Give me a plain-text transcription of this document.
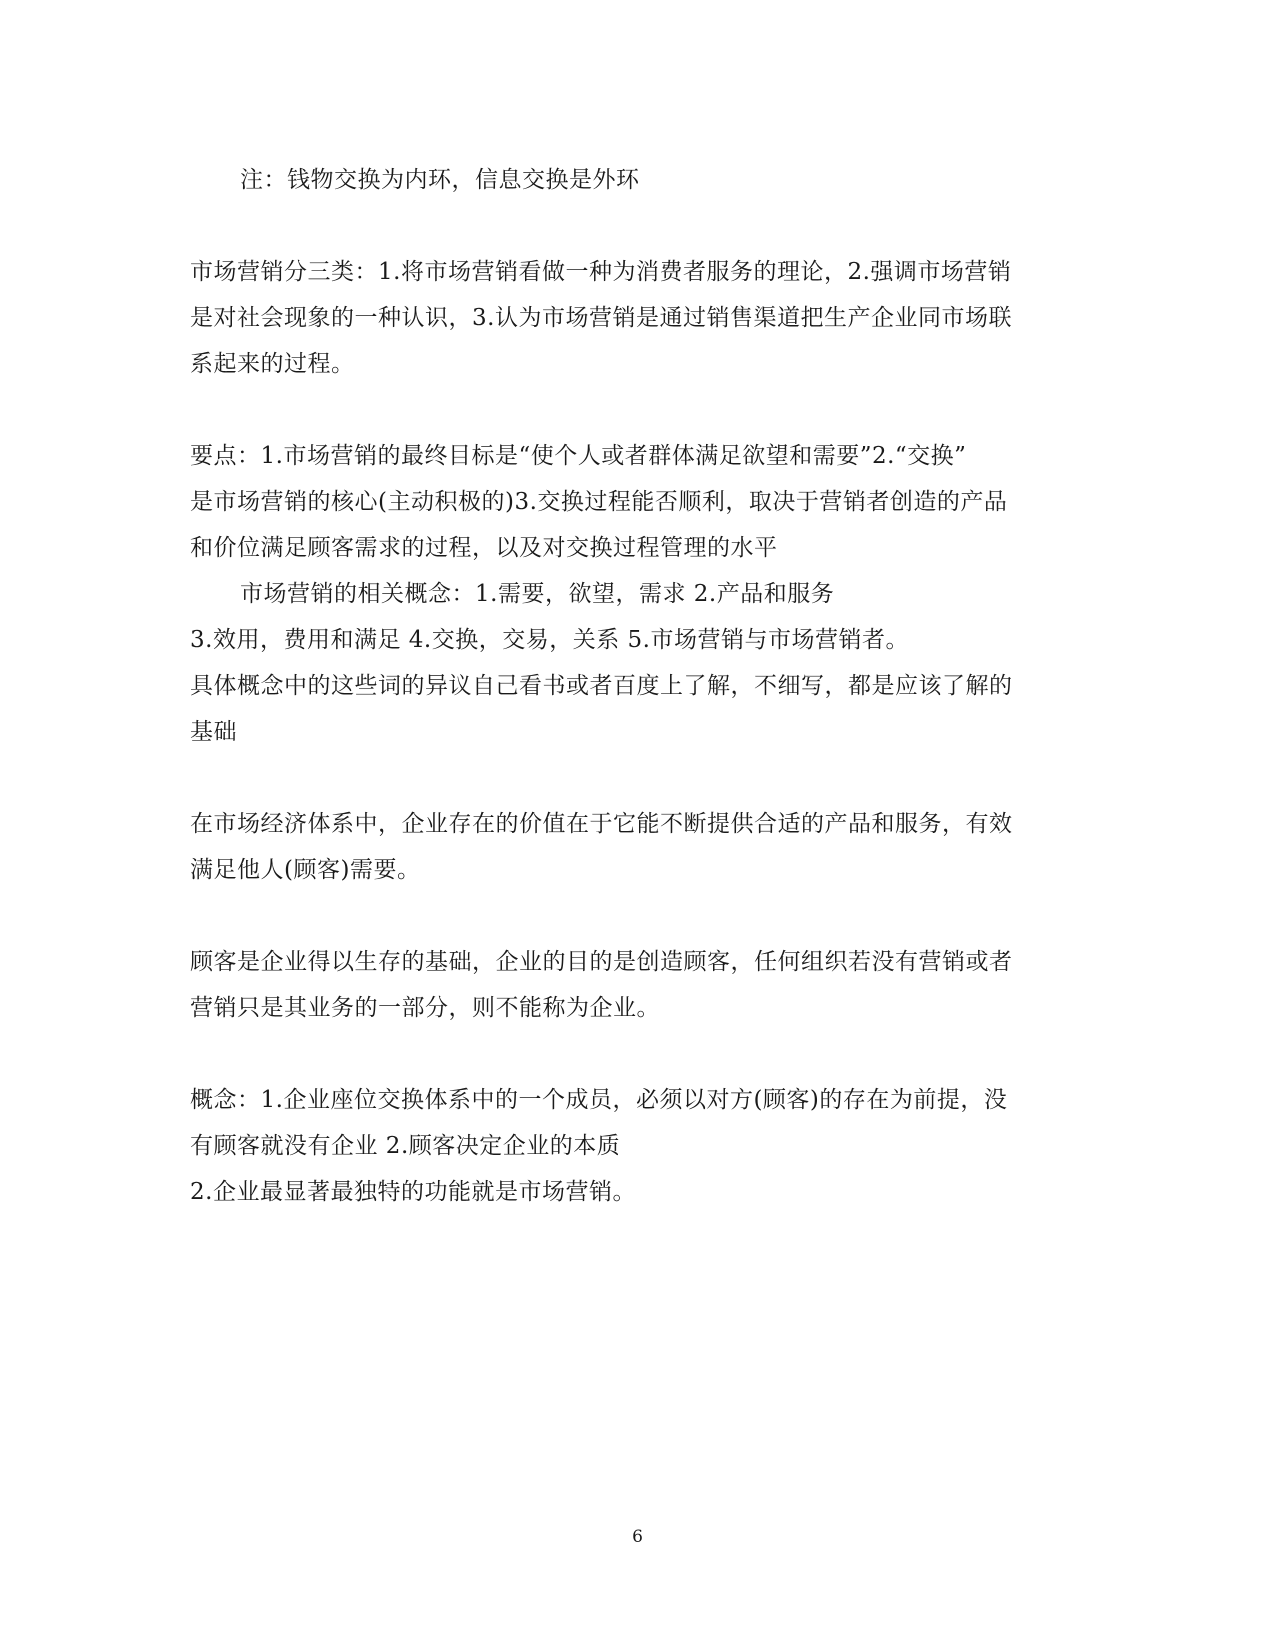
注：钱物交换为内环，信息交换是外环
市场营销分三类：1.将市场营销看做一种为消费者服务的理论，2.强调市场营销
是对社会现象的一种认识，3.认为市场营销是通过销售渠道把生产企业同市场联
系起来的过程。
要点：1.市场营销的最终目标是“使个人或者群体满足欲望和需要”2.“交换”
是市场营销的核心(主动积极的)3.交换过程能否顺利，取决于营销者创造的产品
和价位满足顾客需求的过程，以及对交换过程管理的水平
市场营销的相关概念：1.需要，欲望，需求 2.产品和服务
3.效用，费用和满足 4.交换，交易，关系 5.市场营销与市场营销者。
具体概念中的这些词的异议自己看书或者百度上了解，不细写，都是应该了解的
基础
在市场经济体系中，企业存在的价值在于它能不断提供合适的产品和服务，有效
满足他人(顾客)需要。
顾客是企业得以生存的基础，企业的目的是创造顾客，任何组织若没有营销或者
营销只是其业务的一部分，则不能称为企业。
概念：1.企业座位交换体系中的一个成员，必须以对方(顾客)的存在为前提，没
有顾客就没有企业 2.顾客决定企业的本质
2.企业最显著最独特的功能就是市场营销。
6
